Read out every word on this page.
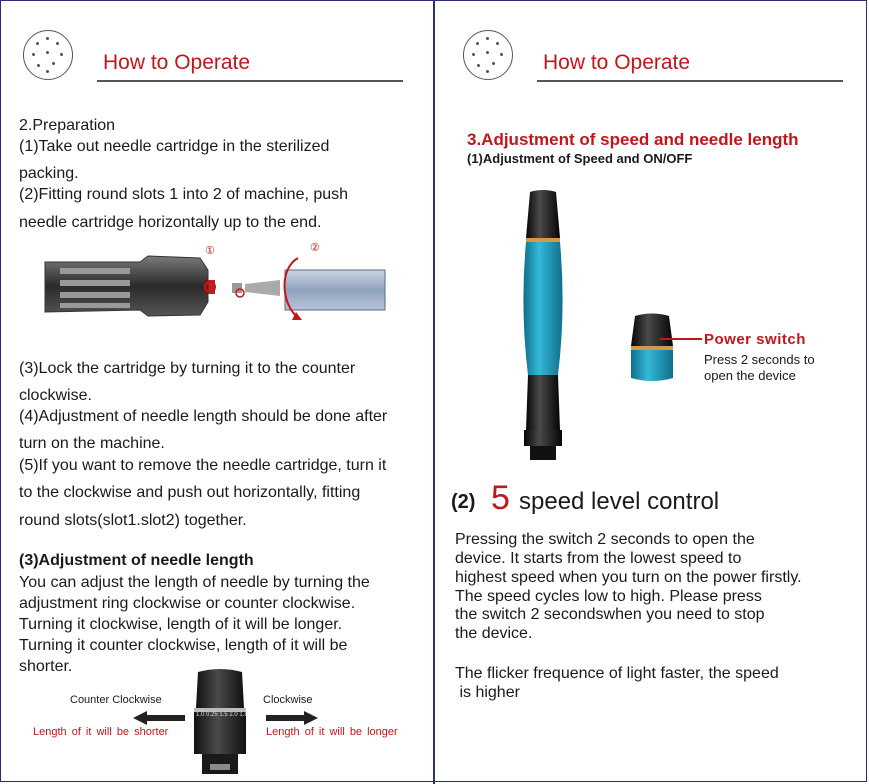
How to Operate
2.Preparation
(1)Take out needle cartridge in the sterilized
packing.
(2)Fitting round slots 1 into 2 of machine, push
needle cartridge horizontally up to the end.
①	②
(3)Lock the cartridge by turning it to the counter
clockwise.
(4)Adjustment of needle length should be done after
turn on the machine.
(5)If you want to remove the needle cartridge, turn it
to the clockwise and push out horizontally, fitting
round slots(slot1.slot2) together.
(3)Adjustment of needle length
You can adjust the length of needle by turning the
adjustment ring clockwise or counter clockwise.
Turning it clockwise, length of it will be longer.
Turning it counter clockwise, length of it will be
shorter.
1.0 0.25 1.5 2.0 1.8
Counter Clockwise	Clockwise
Length of it will be shorter	Length of it will be longer
How to Operate
3.Adjustment of speed and needle length
(1)Adjustment of Speed and ON/OFF
Power switch
Press 2 seconds to
open the device
(2) 5 speed level control
Pressing the switch 2 seconds to open the
device. It starts from the lowest speed to
highest speed when you turn on the power firstly.
The speed cycles low to high. Please press
the switch 2 secondswhen you need to stop
the device.
The flicker frequence of light faster, the speed
is higher
